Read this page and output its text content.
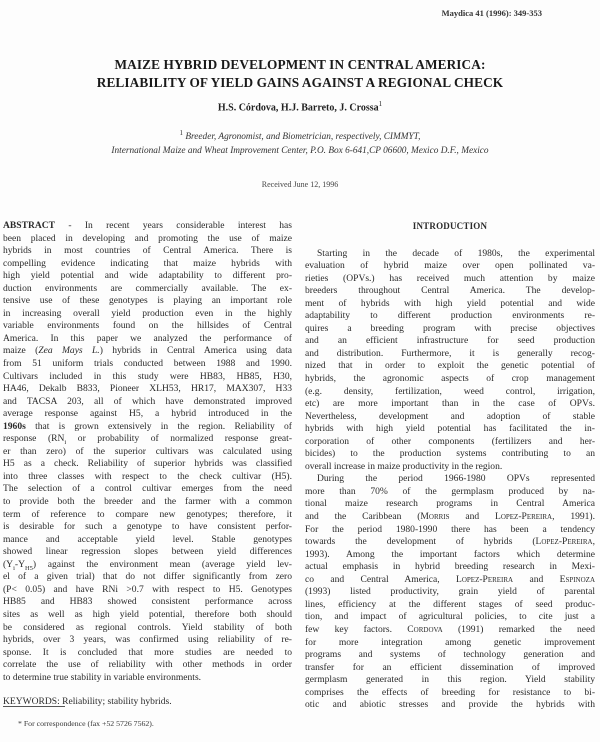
Maydica 41 (1996): 349-353
MAIZE HYBRID DEVELOPMENT IN CENTRAL AMERICA:
RELIABILITY OF YIELD GAINS AGAINST A REGIONAL CHECK
H.S. Córdova, H.J. Barreto, J. Crossa$^1$
$^1$ Breeder, Agronomist, and Biometrician, respectively, CIMMYT,
International Maize and Wheat Improvement Center, P.O. Box 6-641,CP 06600, Mexico D.F., Mexico
Received June 12, 1996
ABSTRACT - In recent years considerable interest has
been placed in developing and promoting the use of maize
hybrids in most countries of Central America. There is
compelling evidence indicating that maize hybrids with
high yield potential and wide adaptability to different pro-
duction environments are commercially available. The ex-
tensive use of these genotypes is playing an important role
in increasing overall yield production even in the highly
variable environments found on the hillsides of Central
America. In this paper we analyzed the performance of
maize (Zea Mays L.) hybrids in Central America using data
from 51 uniform trials conducted between 1988 and 1990.
Cultivars included in this study were HB83, HB85, H30,
HA46, Dekalb B833, Pioneer XLH53, HR17, MAX307, H33
and TACSA 203, all of which have demonstrated improved
average response against H5, a hybrid introduced in the
1960s that is grown extensively in the region. Reliability of
response ($RN_i$ or probability of normalized response great-
er than zero) of the superior cultivars was calculated using
H5 as a check. Reliability of superior hybrids was classified
into three classes with respect to the check cultivar (H5).
The selection of a control cultivar emerges from the need
to provide both the breeder and the farmer with a common
term of reference to compare new genotypes; therefore, it
is desirable for such a genotype to have consistent perfor-
mance and acceptable yield level. Stable genotypes
showed linear regression slopes between yield differences
$(Y_i-Y_{H5})$ against the environment mean (average yield lev-
el of a given trial) that do not differ significantly from zero
(P< 0.05) and have RNi >0.7 with respect to H5. Genotypes
HB85 and HB83 showed consistent performance across
sites as well as high yield potential, therefore both should
be considered as regional controls. Yield stability of both
hybrids, over 3 years, was confirmed using reliability of re-
sponse. It is concluded that more studies are needed to
correlate the use of reliability with other methods in order
to determine true stability in variable environments.
KEYWORDS: Reliability; stability hybrids.
* For correspondence (fax +52 5726 7562).
INTRODUCTION
Starting in the decade of 1980s, the experimental
evaluation of hybrid maize over open pollinated va-
rieties (OPVs.) has received much attention by maize
breeders throughout Central America. The develop-
ment of hybrids with high yield potential and wide
adaptability to different production environments re-
quires a breeding program with precise objectives
and an efficient infrastructure for seed production
and distribution. Furthermore, it is generally recog-
nized that in order to exploit the genetic potential of
hybrids, the agronomic aspects of crop management
(e.g. density, fertilization, weed control, irrigation,
etc) are more important than in the case of OPVs.
Nevertheless, development and adoption of stable
hybrids with high yield potential has facilitated the in-
corporation of other components (fertilizers and her-
bicides) to the production systems contributing to an
overall increase in maize productivity in the region.
During the period 1966-1980 OPVs represented
more than 70% of the germplasm produced by na-
tional maize research programs in Central America
and the Caribbean (Morris and Lopez-Pereira, 1991).
For the period 1980-1990 there has been a tendency
towards the development of hybrids (Lopez-Pereira,
1993). Among the important factors which determine
actual emphasis in hybrid breeding research in Mexi-
co and Central America, Lopez-Pereira and Espinoza
(1993) listed productivity, grain yield of parental
lines, efficiency at the different stages of seed produc-
tion, and impact of agricultural policies, to cite just a
few key factors. Cordova (1991) remarked the need
for more integration among genetic improvement
programs and systems of technology generation and
transfer for an efficient dissemination of improved
germplasm generated in this region. Yield stability
comprises the effects of breeding for resistance to bi-
otic and abiotic stresses and provide the hybrids with
